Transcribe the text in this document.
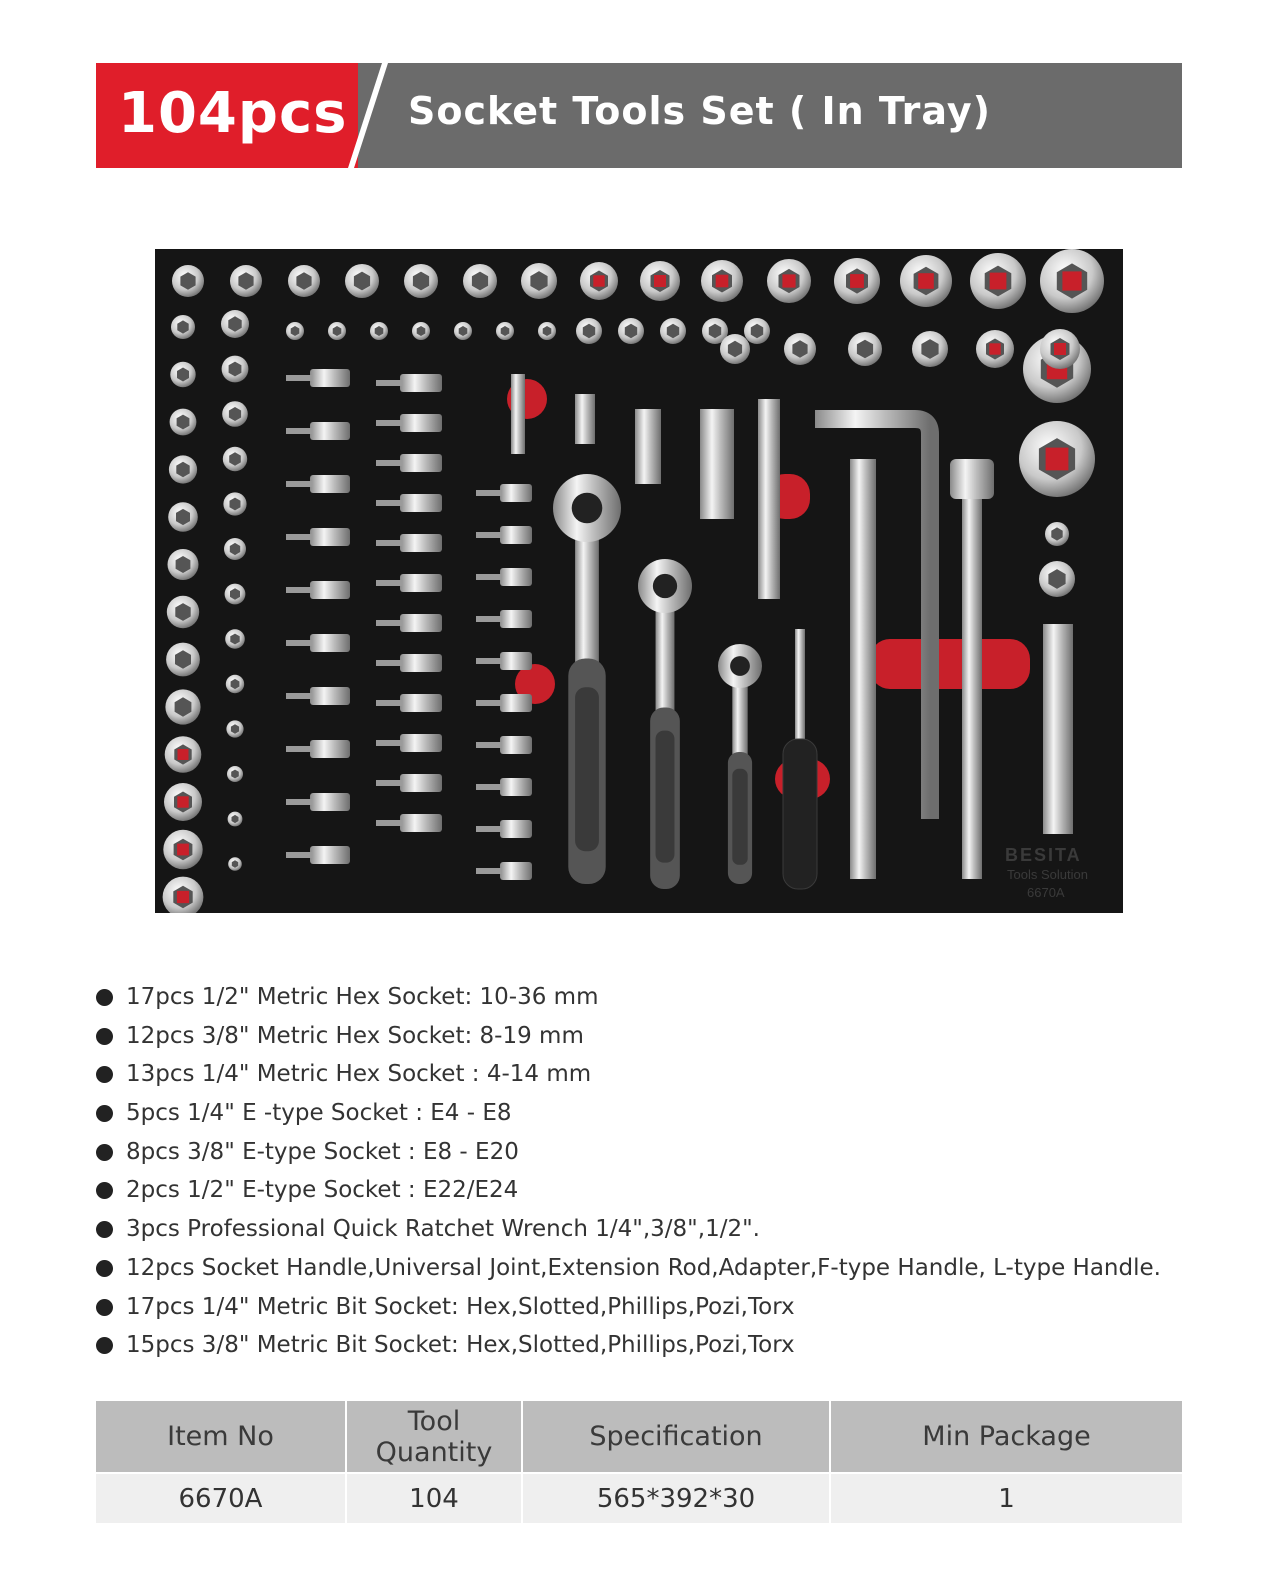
104pcs Socket Tools Set ( In Tray)
BESITA
Tools Solution
6670A
17pcs 1/2" Metric Hex Socket: 10-36 mm
12pcs 3/8" Metric Hex Socket: 8-19 mm
13pcs 1/4" Metric Hex Socket : 4-14 mm
5pcs 1/4" E -type Socket : E4 - E8
8pcs 3/8" E-type Socket : E8 - E20
2pcs 1/2" E-type Socket : E22/E24
3pcs Professional Quick Ratchet Wrench 1/4",3/8",1/2".
12pcs Socket Handle,Universal Joint,Extension Rod,Adapter,F-type Handle, L-type Handle.
17pcs 1/4" Metric Bit Socket: Hex,Slotted,Phillips,Pozi,Torx
15pcs 3/8" Metric Bit Socket: Hex,Slotted,Phillips,Pozi,Torx
Item No	Tool Quantity	Specification	Min Package
6670A	104	565*392*30	1
